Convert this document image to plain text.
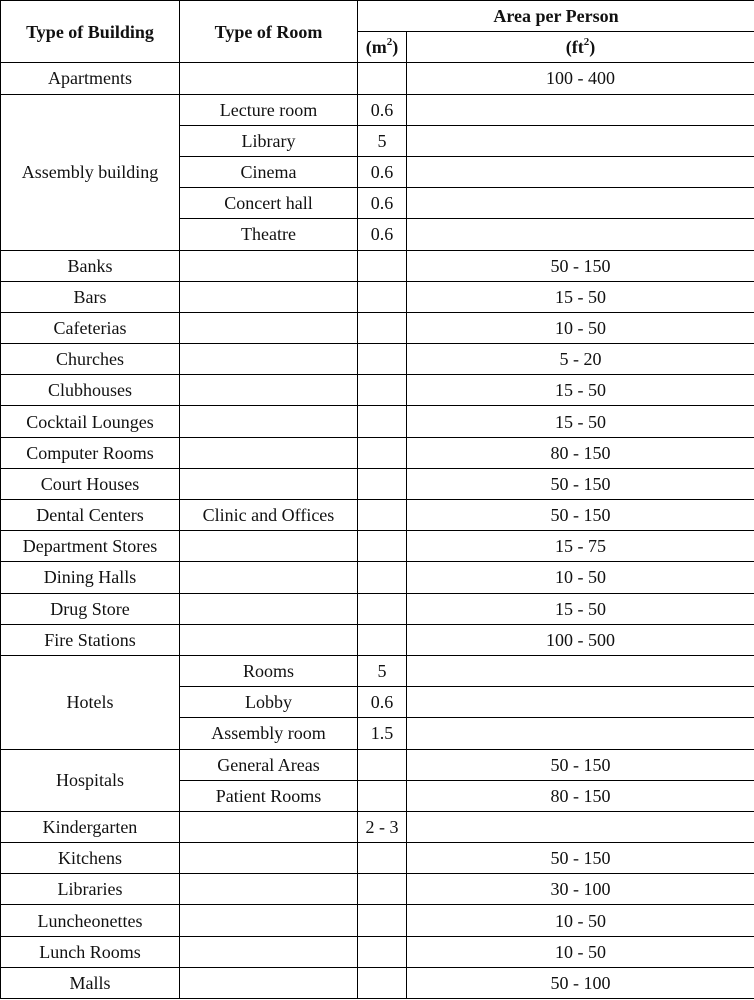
Type of Building	Type of Room	Area per Person	
		$(m^2)$	$(ft^2)$
Apartments			100 - 400
Assembly building	Lecture room	0.6	
	Library	5	
	Cinema	0.6	
	Concert hall	0.6	
	Theatre	0.6	
Banks			50 - 150
Bars			15 - 50
Cafeterias			10 - 50
Churches			5 - 20
Clubhouses			15 - 50
Cocktail Lounges			15 - 50
Computer Rooms			80 - 150
Court Houses			50 - 150
Dental Centers	Clinic and Offices		50 - 150
Department Stores			15 - 75
Dining Halls			10 - 50
Drug Store			15 - 50
Fire Stations			100 - 500
Hotels	Rooms	5	
	Lobby	0.6	
	Assembly room	1.5	
Hospitals	General Areas		50 - 150
	Patient Rooms		80 - 150
Kindergarten		2 - 3	
Kitchens			50 - 150
Libraries			30 - 100
Luncheonettes			10 - 50
Lunch Rooms			10 - 50
Malls			50 - 100
